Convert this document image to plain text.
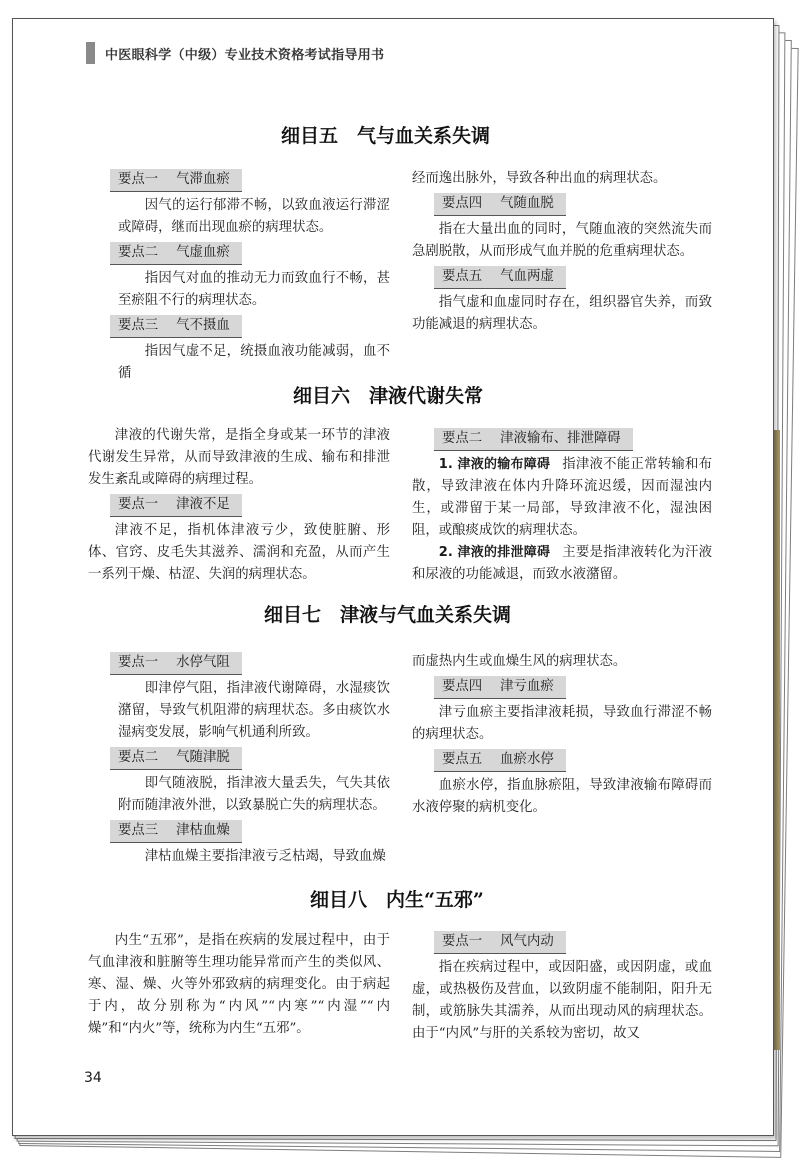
中医眼科学（中级）专业技术资格考试指导用书
细目五　气与血关系失调
要点一 气滞血瘀

因气的运行郁滞不畅，以致血液运行滞涩或障碍，继而出现血瘀的病理状态。

要点二 气虚血瘀

指因气对血的推动无力而致血行不畅，甚至瘀阻不行的病理状态。

要点三 气不摄血

指因气虚不足，统摄血液功能减弱，血不循

经而逸出脉外，导致各种出血的病理状态。

要点四 气随血脱

指在大量出血的同时，气随血液的突然流失而急剧脱散，从而形成气血并脱的危重病理状态。

要点五 气血两虚

指气虚和血虚同时存在，组织器官失养，而致功能减退的病理状态。

细目六　津液代谢失常

津液的代谢失常，是指全身或某一环节的津液代谢发生异常，从而导致津液的生成、输布和排泄发生紊乱或障碍的病理过程。

要点一 津液不足

津液不足，指机体津液亏少，致使脏腑、形体、官窍、皮毛失其滋养、濡润和充盈，从而产生一系列干燥、枯涩、失润的病理状态。

要点二 津液输布、排泄障碍

1. 津液的输布障碍 指津液不能正常转输和布散，导致津液在体内升降环流迟缓，因而湿浊内生，或滞留于某一局部，导致津液不化，湿浊困阻，或酿痰成饮的病理状态。

2. 津液的排泄障碍 主要是指津液转化为汗液和尿液的功能减退，而致水液潴留。

细目七　津液与气血关系失调
要点一 水停气阻

即津停气阻，指津液代谢障碍，水湿痰饮潴留，导致气机阻滞的病理状态。多由痰饮水湿病变发展，影响气机通利所致。

要点二 气随津脱

即气随液脱，指津液大量丢失，气失其依附而随津液外泄，以致暴脱亡失的病理状态。

要点三 津枯血燥

津枯血燥主要指津液亏乏枯竭，导致血燥

而虚热内生或血燥生风的病理状态。

要点四 津亏血瘀

津亏血瘀主要指津液耗损，导致血行滞涩不畅的病理状态。

要点五 血瘀水停

血瘀水停，指血脉瘀阻，导致津液输布障碍而水液停聚的病机变化。

细目八　内生“五邪”

内生“五邪”，是指在疾病的发展过程中，由于气血津液和脏腑等生理功能异常而产生的类似风、寒、湿、燥、火等外邪致病的病理变化。由于病起于内，故分别称为“内风”“内寒”“内湿”“内燥”和“内火”等，统称为内生“五邪”。

要点一 风气内动

指在疾病过程中，或因阳盛，或因阴虚，或血虚，或热极伤及营血，以致阴虚不能制阳，阳升无制，或筋脉失其濡养，从而出现动风的病理状态。由于“内风”与肝的关系较为密切，故又

34
